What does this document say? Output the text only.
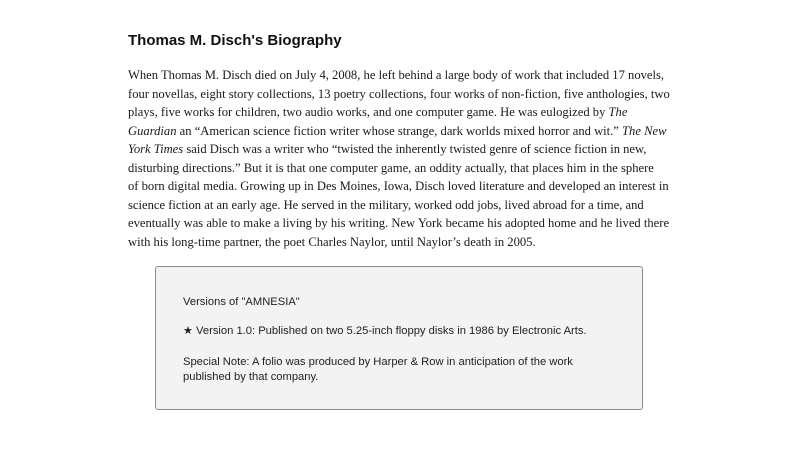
Thomas M. Disch's Biography

When Thomas M. Disch died on July 4, 2008, he left behind a large body of work that included 17 novels,
four novellas, eight story collections, 13 poetry collections, four works of non-fiction, five anthologies, two
plays, five works for children, two audio works, and one computer game. He was eulogized by The
Guardian an “American science fiction writer whose strange, dark worlds mixed horror and wit.” The New
York Times said Disch was a writer who “twisted the inherently twisted genre of science fiction in new,
disturbing directions.” But it is that one computer game, an oddity actually, that places him in the sphere
of born digital media. Growing up in Des Moines, Iowa, Disch loved literature and developed an interest in
science fiction at an early age. He served in the military, worked odd jobs, lived abroad for a time, and
eventually was able to make a living by his writing. New York became his adopted home and he lived there
with his long-time partner, the poet Charles Naylor, until Naylor’s death in 2005.

Versions of "AMNESIA"

★ Version 1.0: Published on two 5.25-inch floppy disks in 1986 by Electronic Arts.

Special Note: A folio was produced by Harper & Row in anticipation of the work
published by that company.
